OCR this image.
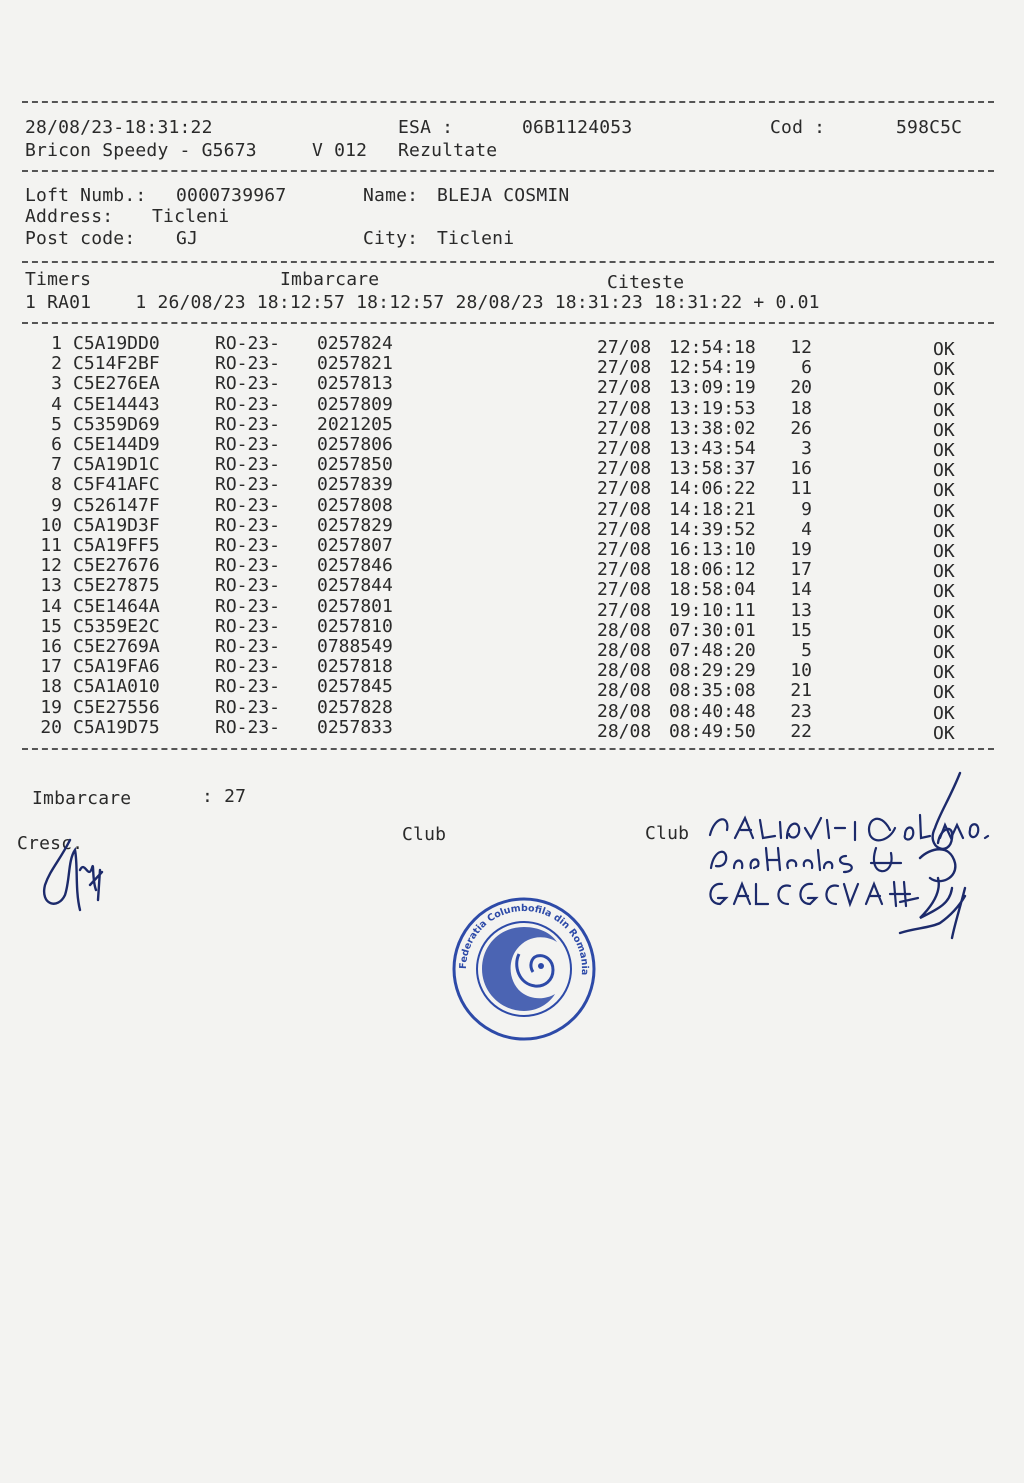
28/08/23-18:31:22	ESA :	06B1124053	Cod :	598C5C
Bricon Speedy - G5673	V 012 Rezultate
Loft Numb.: 0000739967	Name: BLEJA COSMIN
Address: Ticleni
Post code: GJ	City: Ticleni
Timers	Imbarcare	Citeste
1 RA01    1 26/08/23 18:12:57 18:12:57 28/08/23 18:31:23 18:31:22 + 0.01
1 C5A19DD0	RO-23- 0257824	27/08 12:54:18	12	OK
2 C514F2BF	RO-23- 0257821	27/08 12:54:19	6	OK
3 C5E276EA	RO-23- 0257813	27/08 13:09:19	20	OK
4 C5E14443	RO-23- 0257809	27/08 13:19:53	18	OK
5 C5359D69	RO-23- 2021205	27/08 13:38:02	26	OK
6 C5E144D9	RO-23- 0257806	27/08 13:43:54	3	OK
7 C5A19D1C	RO-23- 0257850	27/08 13:58:37	16	OK
8 C5F41AFC	RO-23- 0257839	27/08 14:06:22	11	OK
9 C526147F	RO-23- 0257808	27/08 14:18:21	9	OK
10 C5A19D3F	RO-23- 0257829	27/08 14:39:52	4	OK
11 C5A19FF5	RO-23- 0257807	27/08 16:13:10	19	OK
12 C5E27676	RO-23- 0257846	27/08 18:06:12	17	OK
13 C5E27875	RO-23- 0257844	27/08 18:58:04	14	OK
14 C5E1464A	RO-23- 0257801	27/08 19:10:11	13	OK
15 C5359E2C	RO-23- 0257810	28/08 07:30:01	15	OK
16 C5E2769A	RO-23- 0788549	28/08 07:48:20	5	OK
17 C5A19FA6	RO-23- 0257818	28/08 08:29:29	10	OK
18 C5A1A010	RO-23- 0257845	28/08 08:35:08	21	OK
19 C5E27556	RO-23- 0257828	28/08 08:40:48	23	OK
20 C5A19D75	RO-23- 0257833	28/08 08:49:50	22	OK
Imbarcare	: 27
Cresc.	Club	Club
Federatia Columbofila din Romania
